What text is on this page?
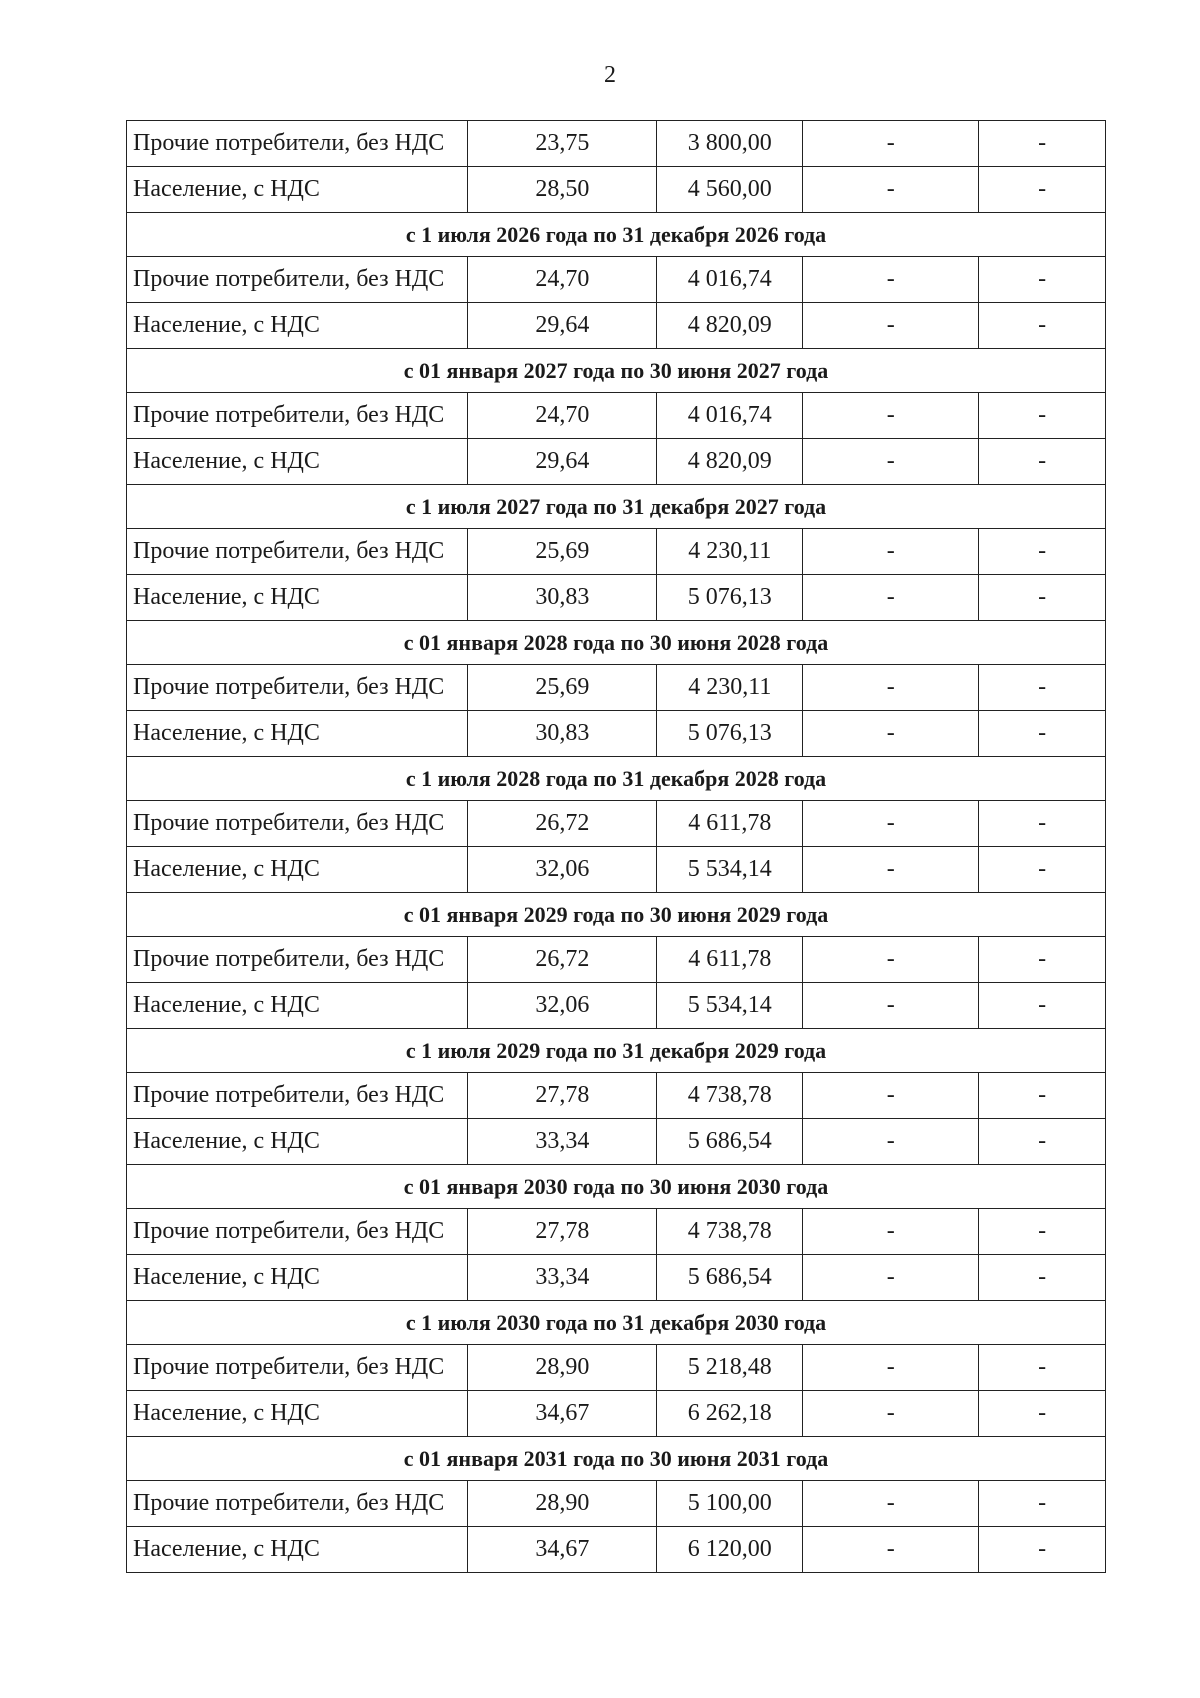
2
Прочие потребители, без НДС	23,75	3 800,00	-	-
Население, с НДС	28,50	4 560,00	-	-
с 1 июля 2026 года по 31 декабря 2026 года				
Прочие потребители, без НДС	24,70	4 016,74	-	-
Население, с НДС	29,64	4 820,09	-	-
с 01 января 2027 года по 30 июня 2027 года				
Прочие потребители, без НДС	24,70	4 016,74	-	-
Население, с НДС	29,64	4 820,09	-	-
с 1 июля 2027 года по 31 декабря 2027 года				
Прочие потребители, без НДС	25,69	4 230,11	-	-
Население, с НДС	30,83	5 076,13	-	-
с 01 января 2028 года по 30 июня 2028 года				
Прочие потребители, без НДС	25,69	4 230,11	-	-
Население, с НДС	30,83	5 076,13	-	-
с 1 июля 2028 года по 31 декабря 2028 года				
Прочие потребители, без НДС	26,72	4 611,78	-	-
Население, с НДС	32,06	5 534,14	-	-
с 01 января 2029 года по 30 июня 2029 года				
Прочие потребители, без НДС	26,72	4 611,78	-	-
Население, с НДС	32,06	5 534,14	-	-
с 1 июля 2029 года по 31 декабря 2029 года				
Прочие потребители, без НДС	27,78	4 738,78	-	-
Население, с НДС	33,34	5 686,54	-	-
с 01 января 2030 года по 30 июня 2030 года				
Прочие потребители, без НДС	27,78	4 738,78	-	-
Население, с НДС	33,34	5 686,54	-	-
с 1 июля 2030 года по 31 декабря 2030 года				
Прочие потребители, без НДС	28,90	5 218,48	-	-
Население, с НДС	34,67	6 262,18	-	-
с 01 января 2031 года по 30 июня 2031 года				
Прочие потребители, без НДС	28,90	5 100,00	-	-
Население, с НДС	34,67	6 120,00	-	-
